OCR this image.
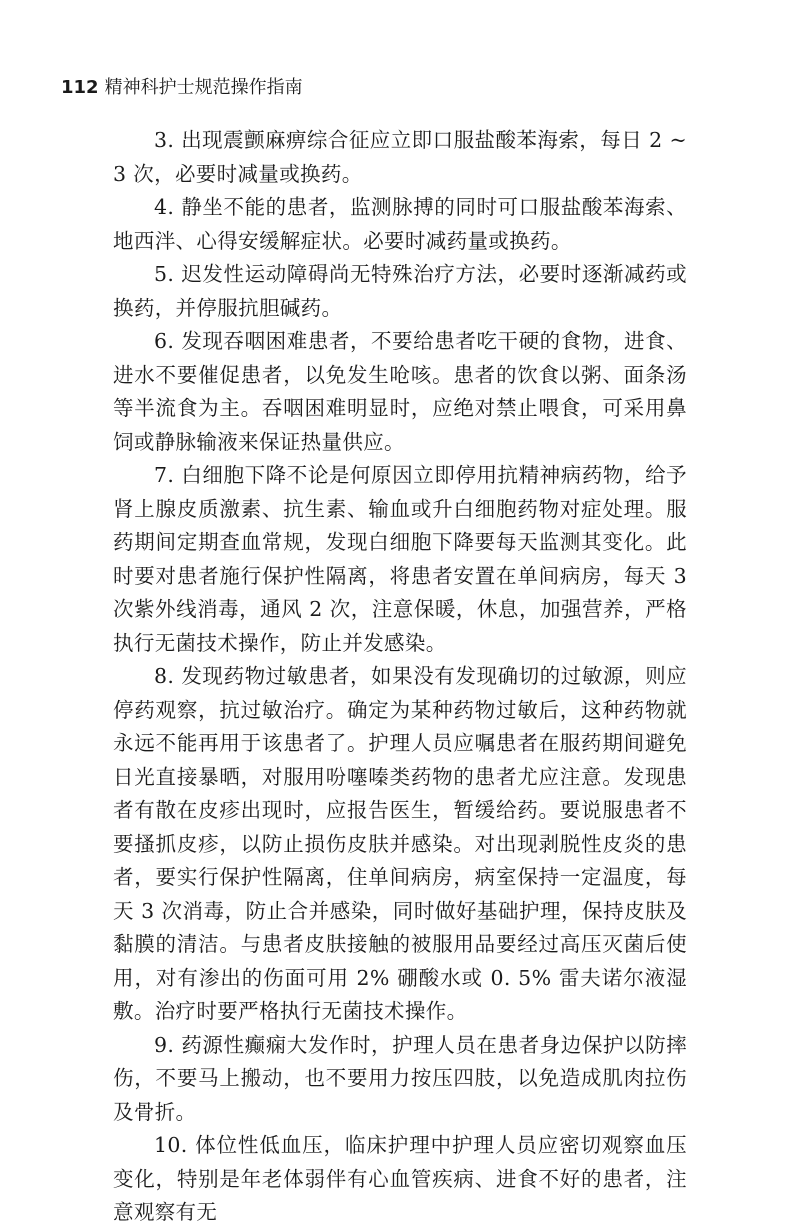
112 精神科护士规范操作指南

3. 出现震颤麻痹综合征应立即口服盐酸苯海索，每日 2 ~ 3 次，必要时减量或换药。

4. 静坐不能的患者，监测脉搏的同时可口服盐酸苯海索、地西泮、心得安缓解症状。必要时减药量或换药。

5. 迟发性运动障碍尚无特殊治疗方法，必要时逐渐减药或换药，并停服抗胆碱药。

6. 发现吞咽困难患者，不要给患者吃干硬的食物，进食、进水不要催促患者，以免发生呛咳。患者的饮食以粥、面条汤等半流食为主。吞咽困难明显时，应绝对禁止喂食，可采用鼻饲或静脉输液来保证热量供应。

7. 白细胞下降不论是何原因立即停用抗精神病药物，给予肾上腺皮质激素、抗生素、输血或升白细胞药物对症处理。服药期间定期查血常规，发现白细胞下降要每天监测其变化。此时要对患者施行保护性隔离，将患者安置在单间病房，每天 3 次紫外线消毒，通风 2 次，注意保暖，休息，加强营养，严格执行无菌技术操作，防止并发感染。

8. 发现药物过敏患者，如果没有发现确切的过敏源，则应停药观察，抗过敏治疗。确定为某种药物过敏后，这种药物就永远不能再用于该患者了。护理人员应嘱患者在服药期间避免日光直接暴晒，对服用吩噻嗪类药物的患者尤应注意。发现患者有散在皮疹出现时，应报告医生，暂缓给药。要说服患者不要搔抓皮疹，以防止损伤皮肤并感染。对出现剥脱性皮炎的患者，要实行保护性隔离，住单间病房，病室保持一定温度，每天 3 次消毒，防止合并感染，同时做好基础护理，保持皮肤及黏膜的清洁。与患者皮肤接触的被服用品要经过高压灭菌后使用，对有渗出的伤面可用 2% 硼酸水或 0. 5% 雷夫诺尔液湿敷。治疗时要严格执行无菌技术操作。

9. 药源性癫痫大发作时，护理人员在患者身边保护以防摔伤，不要马上搬动，也不要用力按压四肢，以免造成肌肉拉伤及骨折。

10. 体位性低血压，临床护理中护理人员应密切观察血压变化，特别是年老体弱伴有心血管疾病、进食不好的患者，注意观察有无
